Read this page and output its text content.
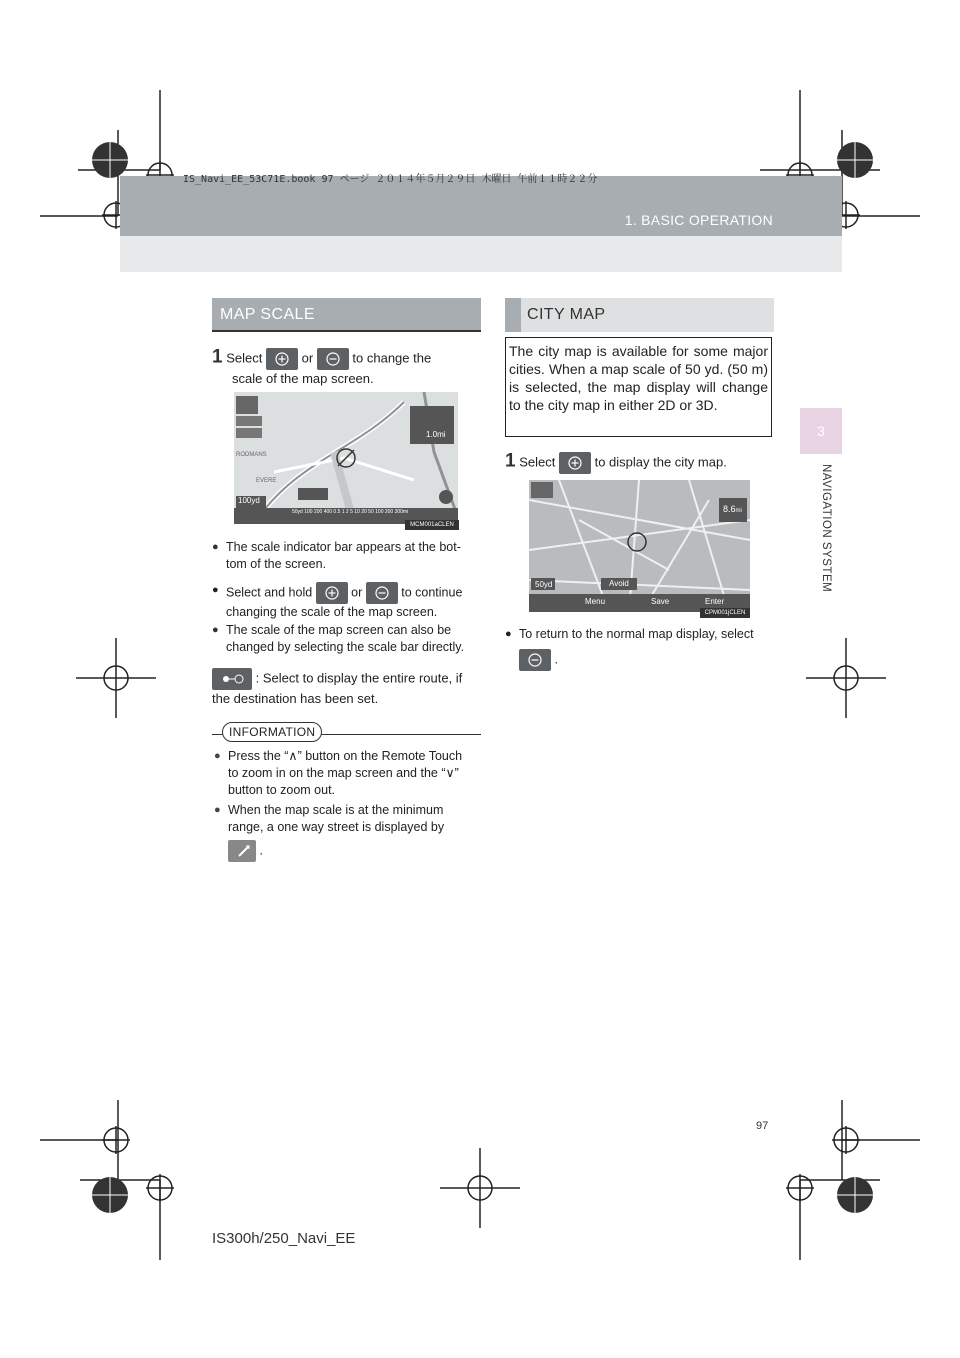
IS_Navi_EE_53C71E.book 97 ページ ２０１４年５月２９日 木曜日 午前１１時２２分
1. BASIC OPERATION
3
NAVIGATION SYSTEM
MAP SCALE
1 Select	or	to change the
scale of the map screen.
100yd
1.0mi
EVERE
RODMANS
50yd 100 200 400 0.5 1 2 5 10 20 50 100 200 300mi
MCM001aCLEN
● The scale indicator bar appears at the bot-tom of the screen.
● Select and hold	or	to continue
changing the scale of the map screen.
● The scale of the map screen can also be changed by selecting the scale bar directly.
: Select to display the entire route, if
the destination has been set.
INFORMATION
● Press the “∧” button on the Remote Touch to zoom in on the map screen and the “∨” button to zoom out.
● When the map scale is at the minimum range, a one way street is displayed by
.
CITY MAP
The city map is available for some major cities. When a map scale of 50 yd. (50 m) is selected, the map display will change to the city map in either 2D or 3D.
1 Select	to display the city map.
50yd
8.6mi
Avoid
Menu	Save	Enter
CPM001jCLEN
● To return to the normal map display, select
.
97
IS300h/250_Navi_EE
